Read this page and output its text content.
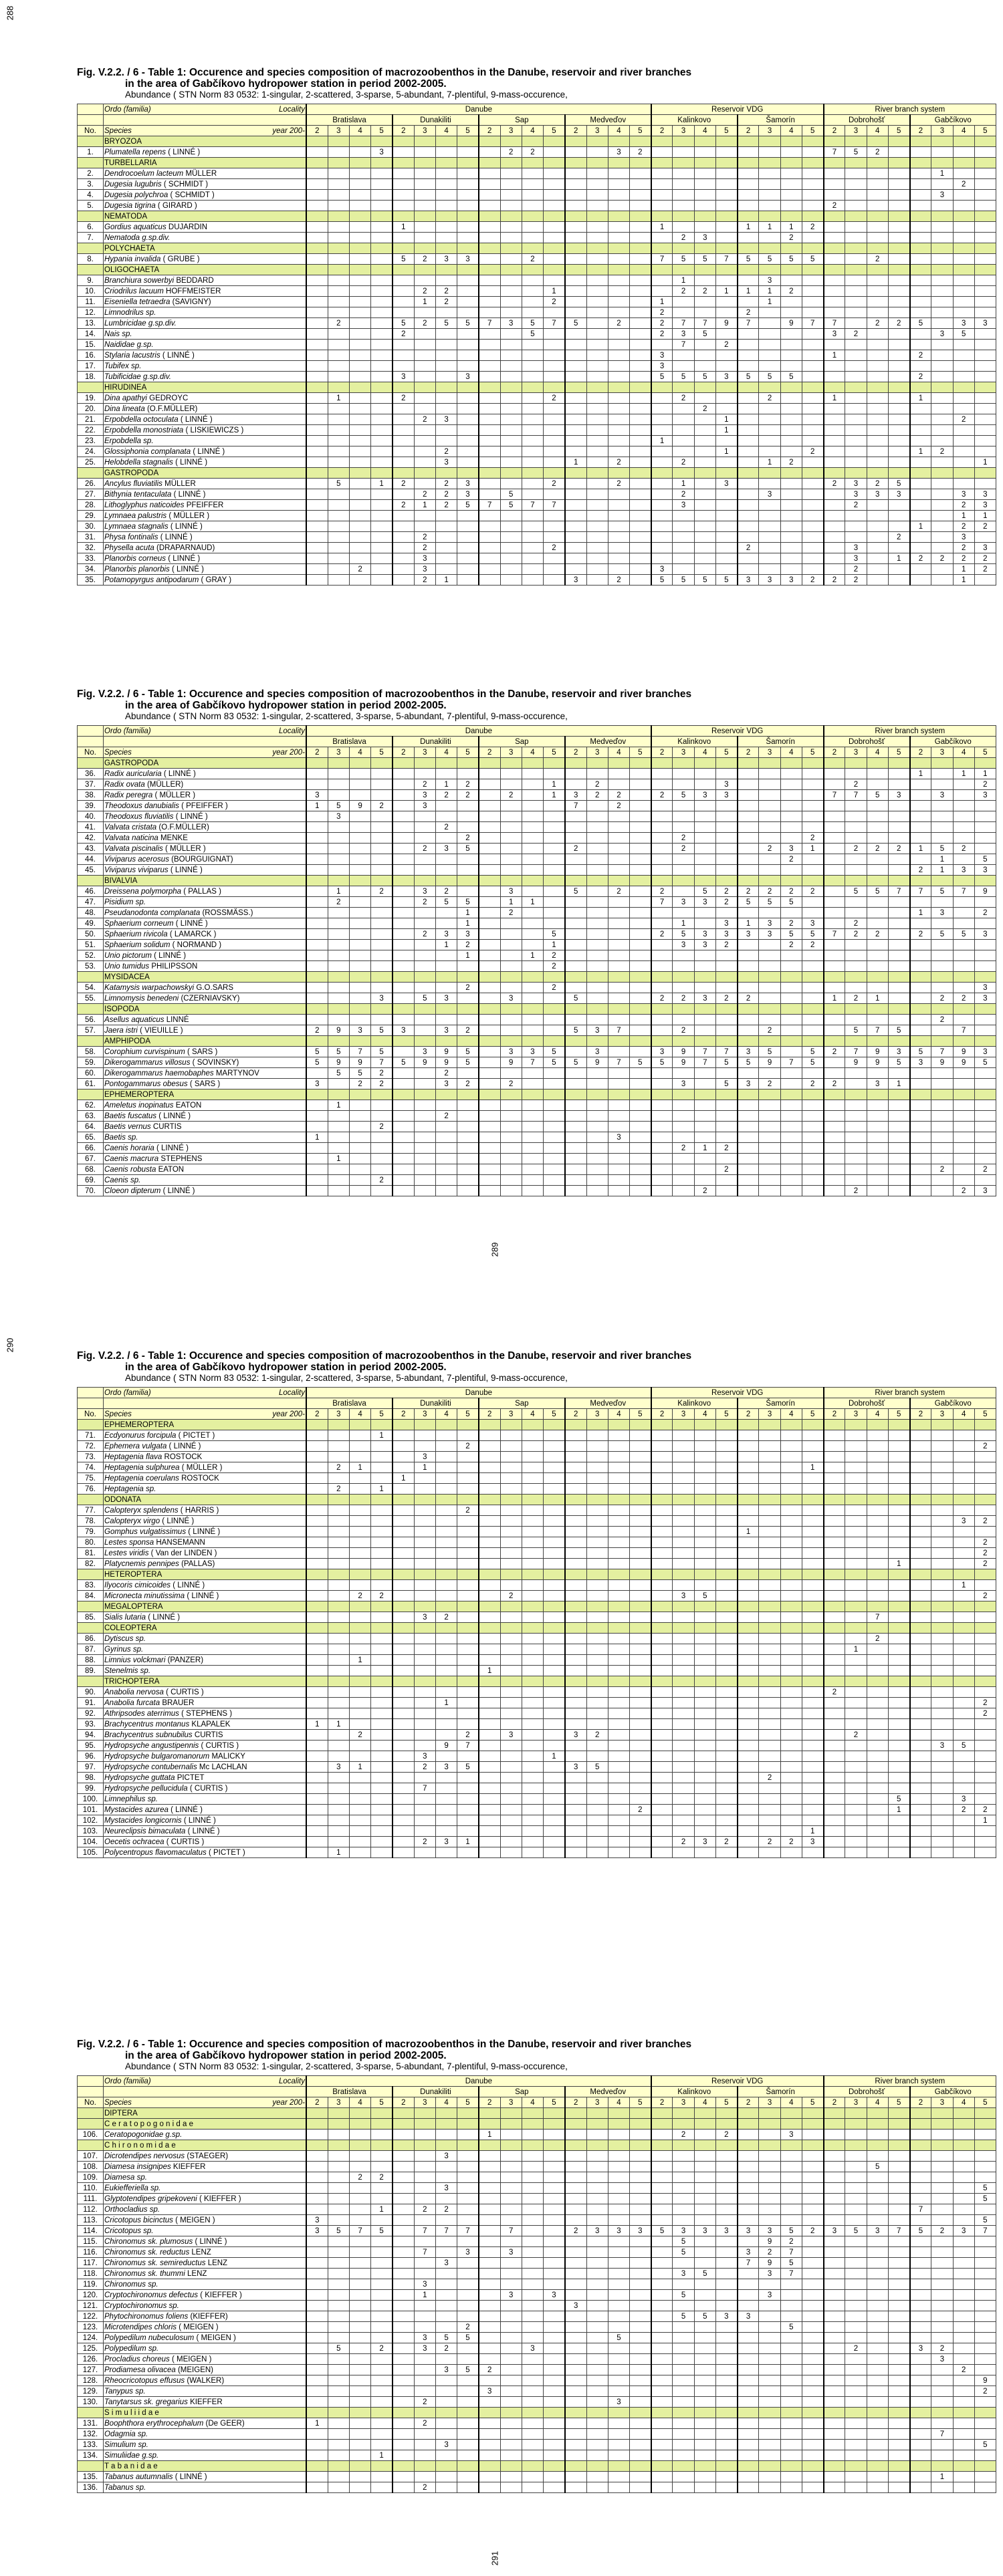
288
289
290
291
Fig. V.2.2. / 6 - Table 1: Occurence and species composition of macrozoobenthos in the Danube, reservoir and river branches
in the area of Gabčíkovo hydropower station in period 2002-2005.
Abundance ( STN Norm 83 0532: 1-singular, 2-scattered, 3-sparse, 5-abundant, 7-plentiful, 9-mass-occurence,
	Ordo (familia) Locality	Danube																Reservoir VDG								River branch system							
		Bratislava				Dunakiliti				Sap				Medveďov				Kalinkovo				Šamorín				Dobrohošť				Gabčíkovo			
No.	Species year 200-	2	3	4	5	2	3	4	5	2	3	4	5	2	3	4	5	2	3	4	5	2	3	4	5	2	3	4	5	2	3	4	5
	BRYOZOA																																
1.	Plumatella repens ( LINNÉ )				3						2	2				3	2									7	5	2					
	TURBELLARIA																																
2.	Dendrocoelum lacteum MÜLLER																														1		
3.	Dugesia lugubris ( SCHMIDT )																															2	
4.	Dugesia polychroa ( SCHMIDT )																														3		
5.	Dugesia tigrina ( GIRARD )																									2							
	NEMATODA																																
6.	Gordius aquaticus DUJARDIN					1												1				1	1	1	2								
7.	Nematoda g.sp.div.																		2	3				2									
	POLYCHAETA																																
8.	Hypania invalida ( GRUBE )					5	2	3	3			2						7	5	5	7	5	5	5	5			2					
	OLIGOCHAETA																																
9.	Branchiura sowerbyi BEDDARD																		1				3										
10.	Criodrilus lacuum HOFFMEISTER						2	2					1						2	2	1	1	1	2									
11.	Eiseniella tetraedra (SAVIGNY)						1	2					2					1					1										
12.	Limnodrilus sp.																	2				2											
13.	Lumbricidae g.sp.div.		2			5	2	5	5	7	3	5	7	5		2		2	7	7	9	7		9	7	7		2	2	5		3	3
14.	Nais sp.					2						5						2	3	5						3	2				3	5	
15.	Naididae g.sp.																		7		2												
16.	Stylaria lacustris ( LINNÉ )																	3								1				2			
17.	Tubifex sp.																	3															
18.	Tubificidae g.sp.div.					3			3									5	5	5	3	5	5	5						2			
	HIRUDINEA																																
19.	Dina apathyi GEDROYC		1			2							2						2				2			1				1			
20.	Dina lineata (O.F.MÜLLER)																			2													
21.	Erpobdella octoculata ( LINNÉ )						2	3													1											2	
22.	Erpobdella monostriata ( LISKIEWICZS )																				1												
23.	Erpobdella sp.																	1															
24.	Glossiphonia complanata ( LINNÉ )							2													1				2					1	2		
25.	Helobdella stagnalis ( LINNÉ )							3						1		2			2				1	2									1
	GASTROPODA																																
26.	Ancylus fluviatilis MÜLLER		5		1	2		2	3				2			2			1		3					2	3	2	5				
27.	Bithynia tentaculata ( LINNÉ )						2	2	3		5								2				3				3	3	3			3	3
28.	Lithoglyphus naticoides PFEIFFER					2	1	2	5	7	5	7	7						3								2					2	3
29.	Lymnaea palustris ( MÜLLER )																															1	1
30.	Lymnaea stagnalis ( LINNÉ )																													1		2	2
31.	Physa fontinalis ( LINNÉ )						2																						2			3	
32.	Physella acuta (DRAPARNAUD)						2						2									2					3					2	3
33.	Planorbis corneus ( LINNÉ )						3																				3		1	2	2	2	2
34.	Planorbis planorbis ( LINNÉ )			2			3											3									2					1	2
35.	Potamopyrgus antipodarum ( GRAY )						2	1						3		2		5	5	5	5	3	3	3	2	2	2					1	
Fig. V.2.2. / 6 - Table 1: Occurence and species composition of macrozoobenthos in the Danube, reservoir and river branches
in the area of Gabčíkovo hydropower station in period 2002-2005.
Abundance ( STN Norm 83 0532: 1-singular, 2-scattered, 3-sparse, 5-abundant, 7-plentiful, 9-mass-occurence,
	Ordo (familia) Locality	Danube																Reservoir VDG								River branch system							
		Bratislava				Dunakiliti				Sap				Medveďov				Kalinkovo				Šamorín				Dobrohošť				Gabčíkovo			
No.	Species year 200-	2	3	4	5	2	3	4	5	2	3	4	5	2	3	4	5	2	3	4	5	2	3	4	5	2	3	4	5	2	3	4	5
	GASTROPODA																																
36.	Radix auricularia ( LINNÉ )																													1		1	1
37.	Radix ovata (MÜLLER)						2	1	2				1		2						3						2						2
38.	Radix peregra ( MÜLLER )	3					3	2	2		2		1	3	2	2		2	5	3	3					7	7	5	3		3		3
39.	Theodoxus danubialis ( PFEIFFER )	1	5	9	2		3							7		2																	
40.	Theodoxus fluviatilis ( LINNÉ )		3																														
41.	Valvata cristata (O.F.MÜLLER)							2																									
42.	Valvata naticina MENKE								2										2						2								
43.	Valvata piscinalis ( MÜLLER )						2	3	5					2					2				2	3	1		2	2	2	1	5	2	
44.	Viviparus acerosus (BOURGUIGNAT)																							2							1		5
45.	Viviparus viviparus ( LINNÉ )																													2	1	3	3
	BIVALVIA																																
46.	Dreissena polymorpha ( PALLAS )		1		2		3	2			3			5		2		2		5	2	2	2	2	2		5	5	7	7	5	7	9
47.	Pisidium sp.		2				2	5	5		1	1						7	3	3	2	5	5	5									
48.	Pseudanodonta complanata (ROSSMÄSS.)								1		2																			1	3		2
49.	Sphaerium corneum ( LINNÉ )								1										1		3	1	3	2	3		2						
50.	Sphaerium rivicola ( LAMARCK )						2	3	3				5					2	5	3	3	3	3	5	5	7	2	2		2	5	5	3
51.	Sphaerium solidum ( NORMAND )							1	2				1						3	3	2			2	2								
52.	Unio pictorum ( LINNÉ )								1			1	2																				
53.	Unio tumidus PHILIPSSON												2																				
	MYSIDACEA																																
54.	Katamysis warpachowskyi G.O.SARS								2				2																				3
55.	Limnomysis benedeni (CZERNIAVSKY)				3		5	3			3			5				2	2	3	2	2				1	2	1			2	2	3
	ISOPODA																																
56.	Asellus aquaticus LINNÉ																														2		
57.	Jaera istri ( VIEUILLE )	2	9	3	5	3		3	2					5	3	7			2				2				5	7	5			7	
	AMPHIPODA																																
58.	Corophium curvispinum ( SARS )	5	5	7	5		3	9	5		3	3	5		3			3	9	7	7	3	5		5	2	7	9	3	5	7	9	3
59.	Dikerogammarus villosus ( SOVINSKY)	5	9	9	7	5	9	9	5		9	7	5	5	9	7	5	5	9	7	5	5	9	7	5		9	9	5	3	9	9	5
60.	Dikerogammarus haemobaphes MARTYNOV		5	5	2			2																									
61.	Pontogammarus obesus ( SARS )	3		2	2			3	2		2								3		5	3	2		2	2		3	1				
	EPHEMEROPTERA																																
62.	Ameletus inopinatus EATON		1																														
63.	Baetis fuscatus ( LINNÉ )							2																									
64.	Baetis vernus CURTIS				2																												
65.	Baetis sp.	1														3																	
66.	Caenis horaria ( LINNÉ )																		2	1	2												
67.	Caenis macrura STEPHENS		1																														
68.	Caenis robusta EATON																				2										2		2
69.	Caenis sp.				2																												
70.	Cloeon dipterum ( LINNÉ )																			2							2					2	3
Fig. V.2.2. / 6 - Table 1: Occurence and species composition of macrozoobenthos in the Danube, reservoir and river branches
in the area of Gabčíkovo hydropower station in period 2002-2005.
Abundance ( STN Norm 83 0532: 1-singular, 2-scattered, 3-sparse, 5-abundant, 7-plentiful, 9-mass-occurence,
	Ordo (familia) Locality	Danube																Reservoir VDG								River branch system							
		Bratislava				Dunakiliti				Sap				Medveďov				Kalinkovo				Šamorín				Dobrohošť				Gabčíkovo			
No.	Species year 200-	2	3	4	5	2	3	4	5	2	3	4	5	2	3	4	5	2	3	4	5	2	3	4	5	2	3	4	5	2	3	4	5
	EPHEMEROPTERA																																
71.	Ecdyonurus forcipula ( PICTET )				1																												
72.	Ephemera vulgata ( LINNÉ )								2																								2
73.	Heptagenia flava ROSTOCK						3																										
74.	Heptagenia sulphurea ( MÜLLER )		2	1			1																		1								
75.	Heptagenia coerulans ROSTOCK					1																											
76.	Heptagenia sp.		2		1																												
	ODONATA																																
77.	Calopteryx splendens ( HARRIS )								2																								
78.	Calopteryx virgo ( LINNÉ )																															3	2
79.	Gomphus vulgatissimus ( LINNÉ )																					1											
80.	Lestes sponsa HANSEMANN																																2
81.	Lestes viridis ( Van der LINDEN )																																2
82.	Platycnemis pennipes (PALLAS)																												1				2
	HETEROPTERA																																
83.	Ilyocoris cimicoides ( LINNÉ )																															1	
84.	Micronecta minutissima ( LINNÉ )			2	2						2								3	5													2
	MEGALOPTERA																																
85.	Sialis lutaria ( LINNÉ )						3	2																				7					
	COLEOPTERA																																
86.	Dytiscus sp.																											2					
87.	Gyrinus sp.																										1						
88.	Limnius volckmari (PANZER)			1																													
89.	Stenelmis sp.									1																							
	TRICHOPTERA																																
90.	Anabolia nervosa ( CURTIS )																									2							
91.	Anabolia furcata BRAUER							1																									2
92.	Athripsodes aterrimus ( STEPHENS )																																2
93.	Brachycentrus montanus KLAPALEK	1	1																														
94.	Brachycentrus subnubilus CURTIS			2					2		3			3	2												2						
95.	Hydropsyche angustipennis ( CURTIS )							9	7																						3	5	
96.	Hydropsyche bulgaromanorum MALICKY						3						1																				
97.	Hydropsyche contubernalis Mc LACHLAN		3	1			2	3	5					3	5																		
98.	Hydropsyche guttata PICTET																						2										
99.	Hydropsyche pellucidula ( CURTIS )						7																										
100.	Limnephilus sp.																												5			3	
101.	Mystacides azurea ( LINNÉ )																2												1			2	2
102.	Mystacides longicornis ( LINNÉ )																																1
103.	Neureclipsis bimaculata ( LINNÉ )																								1								
104.	Oecetis ochracea ( CURTIS )						2	3	1										2	3	2		2	2	3								
105.	Polycentropus flavomaculatus ( PICTET )		1																														
Fig. V.2.2. / 6 - Table 1: Occurence and species composition of macrozoobenthos in the Danube, reservoir and river branches
in the area of Gabčíkovo hydropower station in period 2002-2005.
Abundance ( STN Norm 83 0532: 1-singular, 2-scattered, 3-sparse, 5-abundant, 7-plentiful, 9-mass-occurence,
	Ordo (familia) Locality	Danube																Reservoir VDG								River branch system							
		Bratislava				Dunakiliti				Sap				Medveďov				Kalinkovo				Šamorín				Dobrohošť				Gabčíkovo			
No.	Species year 200-	2	3	4	5	2	3	4	5	2	3	4	5	2	3	4	5	2	3	4	5	2	3	4	5	2	3	4	5	2	3	4	5
	DIPTERA																																
	C e r a t o p o g o n i d a e																																
106.	Ceratopogonidae g.sp.									1									2		2			3									
	C h i r o n o m i d a e																																
107.	Dicrotendipes nervosus (STAEGER)							3																									
108.	Diamesa insignipes KIEFFER																											5					
109.	Diamesa sp.			2	2																												
110.	Eukiefferiella sp.							3																									5
111.	Glyptotendipes gripekoveni ( KIEFFER )																																5
112.	Orthocladius sp.				1		2	2																						7			
113.	Cricotopus bicinctus ( MEIGEN )	3																															5
114.	Cricotopus sp.	3	5	7	5		7	7	7		7			2	3	3	3	5	3	3	3	3	3	5	2	3	5	3	7	5	2	3	7
115.	Chironomus sk. plumosus ( LINNÉ )																		5				9	2									
116.	Chironomus sk. reductus LENZ						7		3		3								5			3	2	7									
117.	Chironomus sk. semireductus LENZ							3														7	9	5									
118.	Chironomus sk. thummi LENZ																		3	5			3	7									
119.	Chironomus sp.						3																										
120.	Cryptochironomus defectus ( KIEFFER )						1				3		3						5				3										
121.	Cryptochironomus sp.													3																			
122.	Phytochironomus foliens (KIEFFER)																		5	5	3	3											
123.	Microtendipes chloris ( MEIGEN )								2															5									
124.	Polypedilum nubeculosum ( MEIGEN )						3	5	5							5																	
125.	Polypedilum sp.		5		2		3	2				3															2			3	2		
126.	Procladius choreus ( MEIGEN )																														3		
127.	Prodiamesa olivacea (MEIGEN)							3	5	2																						2	
128.	Rheocricotopus effusus (WALKER)																																9
129.	Tanypus sp.									3																							2
130.	Tanytarsus sk. gregarius KIEFFER						2									3																	
	S i m u l i i d a e																																
131.	Boophthora erythrocephalum (De GEER)	1					2																										
132.	Odagmia sp.																														7		
133.	Simulium sp.							3																									5
134.	Simuliidae g.sp.				1																												
	T a b a n i d a e																																
135.	Tabanus autumnalis ( LINNÉ )																														1		
136.	Tabanus sp.						2																										
